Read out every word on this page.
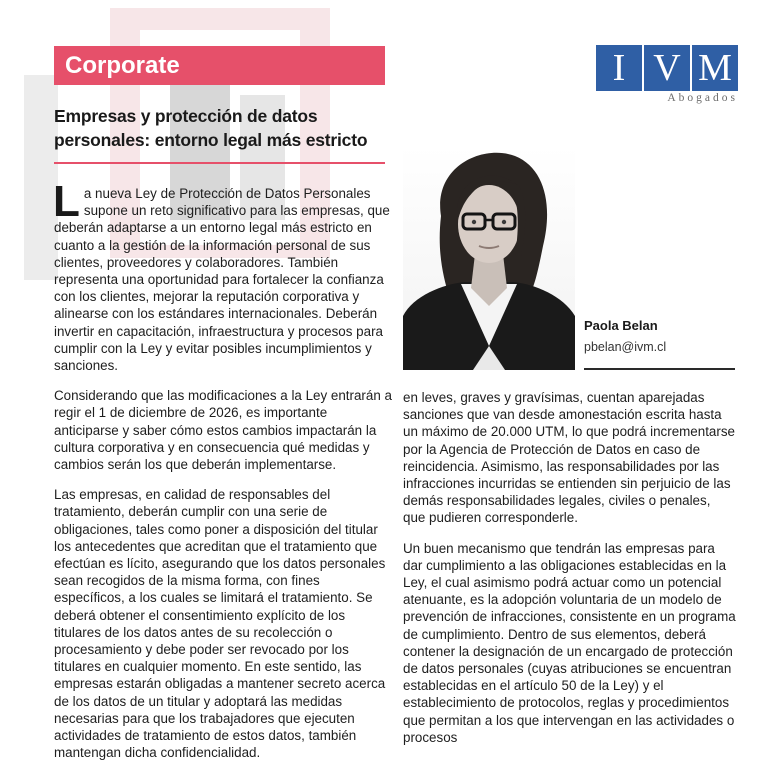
Corporate
Empresas y protección de datos personales: entorno legal más estricto
I V M
Abogados
Paola Belan
pbelan@ivm.cl

La nueva Ley de Protección de Datos Personales supone un reto significativo para las empresas, que deberán adaptarse a un entorno legal más estricto en cuanto a la gestión de la información personal de sus clientes, proveedores y colaboradores. También representa una oportunidad para fortalecer la confianza con los clientes, mejorar la reputación corporativa y alinearse con los estándares internacionales. Deberán invertir en capacitación, infraestructura y procesos para cumplir con la Ley y evitar posibles incumplimientos y sanciones.

Considerando que las modificaciones a la Ley entrarán a regir el 1 de diciembre de 2026, es importante anticiparse y saber cómo estos cambios impactarán la cultura corporativa y en consecuencia qué medidas y cambios serán los que deberán implementarse.

Las empresas, en calidad de responsables del tratamiento, deberán cumplir con una serie de obligaciones, tales como poner a disposición del titular los antecedentes que acreditan que el tratamiento que efectúan es lícito, asegurando que los datos personales sean recogidos de la misma forma, con fines específicos, a los cuales se limitará el tratamiento. Se deberá obtener el consentimiento explícito de los titulares de los datos antes de su recolección o procesamiento y debe poder ser revocado por los titulares en cualquier momento. En este sentido, las empresas estarán obligadas a mantener secreto acerca de los datos de un titular y adoptará las medidas necesarias para que los trabajadores que ejecuten actividades de tratamiento de estos datos, también mantengan dicha confidencialidad.

en leves, graves y gravísimas, cuentan aparejadas sanciones que van desde amonestación escrita hasta un máximo de 20.000 UTM, lo que podrá incrementarse por la Agencia de Protección de Datos en caso de reincidencia. Asimismo, las responsabilidades por las infracciones incurridas se entienden sin perjuicio de las demás responsabilidades legales, civiles o penales, que pudieren corresponderle.

Un buen mecanismo que tendrán las empresas para dar cumplimiento a las obligaciones establecidas en la Ley, el cual asimismo podrá actuar como un potencial atenuante, es la adopción voluntaria de un modelo de prevención de infracciones, consistente en un programa de cumplimiento. Dentro de sus elementos, deberá contener la designación de un encargado de protección de datos personales (cuyas atribuciones se encuentran establecidas en el artículo 50 de la Ley) y el establecimiento de protocolos, reglas y procedimientos que permitan a los que intervengan en las actividades o procesos
